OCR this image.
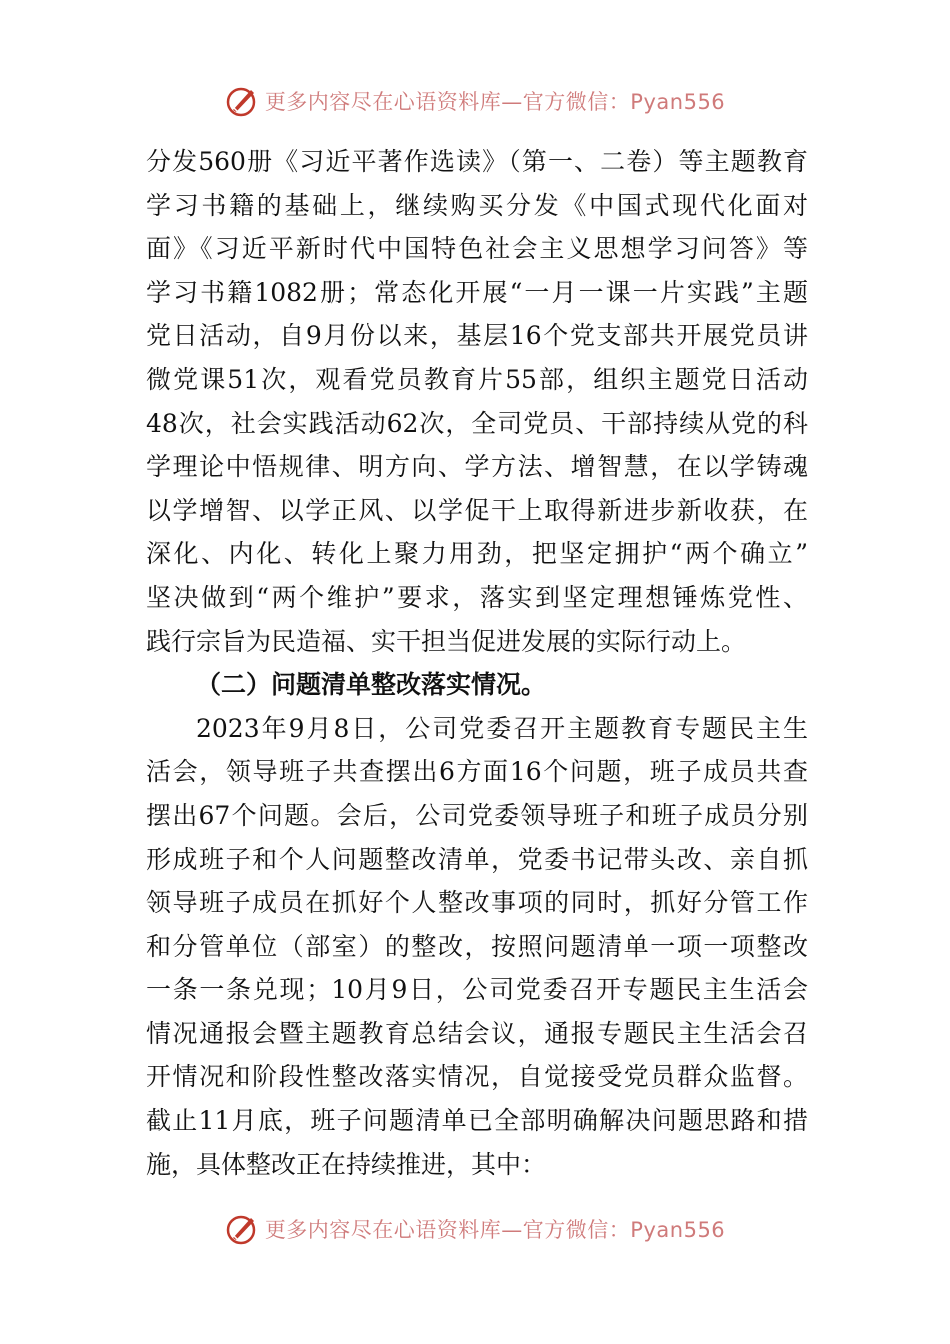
更多内容尽在心语资料库—官方微信：Pyan556
分发560册《习近平著作选读》（第一、二卷）等主题教育
学习书籍的基础上，继续购买分发《中国式现代化面对
面》《习近平新时代中国特色社会主义思想学习问答》等
学习书籍1082册；常态化开展“一月一课一片实践”主题
党日活动，自9月份以来，基层16个党支部共开展党员讲
微党课51次，观看党员教育片55部，组织主题党日活动
48次，社会实践活动62次，全司党员、干部持续从党的科
学理论中悟规律、明方向、学方法、增智慧，在以学铸魂
以学增智、以学正风、以学促干上取得新进步新收获，在
深化、内化、转化上聚力用劲，把坚定拥护“两个确立”
坚决做到“两个维护”要求，落实到坚定理想锤炼党性、
践行宗旨为民造福、实干担当促进发展的实际行动上。
（二）问题清单整改落实情况。
2023年9月8日，公司党委召开主题教育专题民主生
活会，领导班子共查摆出6方面16个问题，班子成员共查
摆出67个问题。会后，公司党委领导班子和班子成员分别
形成班子和个人问题整改清单，党委书记带头改、亲自抓
领导班子成员在抓好个人整改事项的同时，抓好分管工作
和分管单位（部室）的整改，按照问题清单一项一项整改
一条一条兑现；10月9日，公司党委召开专题民主生活会
情况通报会暨主题教育总结会议，通报专题民主生活会召
开情况和阶段性整改落实情况，自觉接受党员群众监督。
截止11月底，班子问题清单已全部明确解决问题思路和措
施，具体整改正在持续推进，其中：
更多内容尽在心语资料库—官方微信：Pyan556
